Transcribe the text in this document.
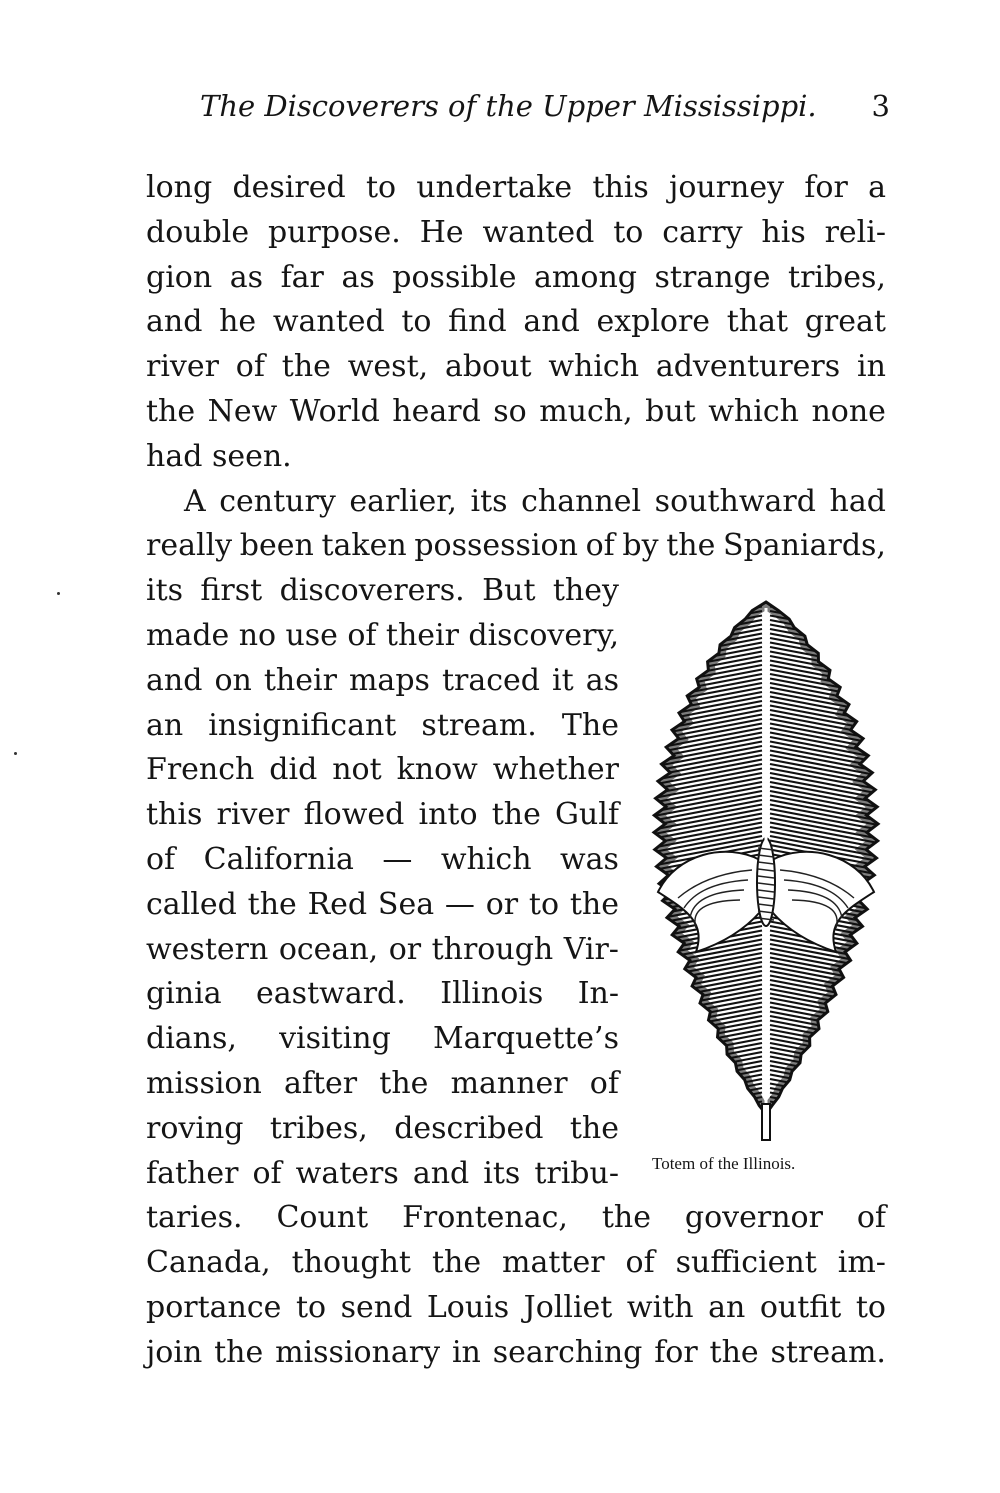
The Discoverers of the Upper Mississippi. 3
long desired to undertake this journey for a
double purpose. He wanted to carry his reli-
gion as far as possible among strange tribes,
and he wanted to find and explore that great
river of the west, about which adventurers in
the New World heard so much, but which none
had seen.
A century earlier, its channel southward had
really been taken possession of by the Spaniards,
its first discoverers. But they
made no use of their discovery,
and on their maps traced it as
an insignificant stream. The
French did not know whether
this river flowed into the Gulf
of California — which was
called the Red Sea — or to the
western ocean, or through Vir-
ginia eastward. Illinois In-
dians, visiting Marquette’s
mission after the manner of
roving tribes, described the
father of waters and its tribu-
taries. Count Frontenac, the governor of
Canada, thought the matter of sufficient im-
portance to send Louis Jolliet with an outfit to
join the missionary in searching for the stream.
Totem of the Illinois.
